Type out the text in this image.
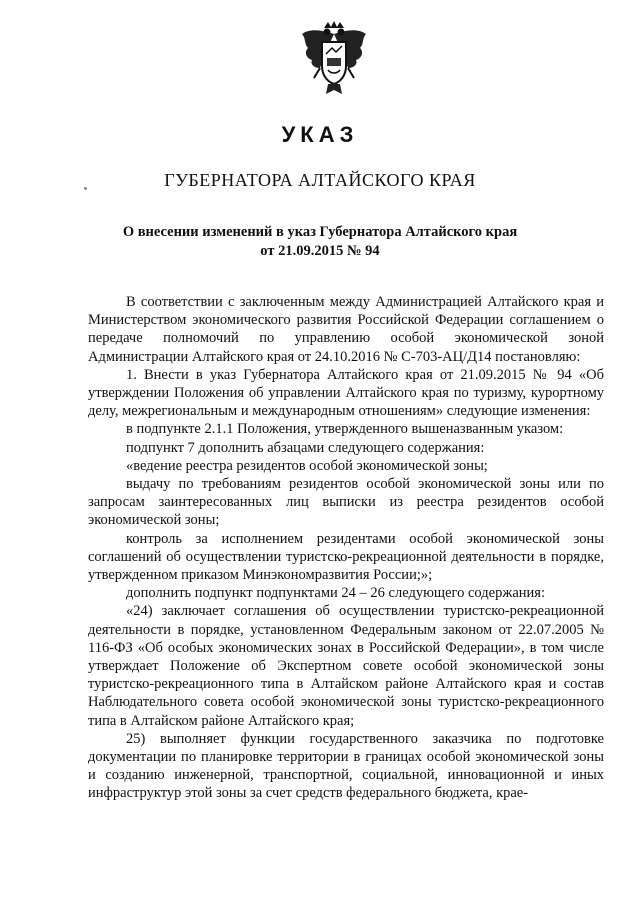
УКАЗ
ГУБЕРНАТОРА АЛТАЙСКОГО КРАЯ
О внесении изменений в указ Губернатора Алтайского края
от 21.09.2015 № 94

В соответствии с заключенным между Администрацией Алтайского края и Министерством экономического развития Российской Федерации соглашением о передаче полномочий по управлению особой экономической зоной Администрации Алтайского края от 24.10.2016 № С-703-АЦ/Д14 постановляю:

1. Внести в указ Губернатора Алтайского края от 21.09.2015 № 94 «Об утверждении Положения об управлении Алтайского края по туризму, курортному делу, межрегиональным и международным отношениям» следующие изменения:

в подпункте 2.1.1 Положения, утвержденного вышеназванным указом:

подпункт 7 дополнить абзацами следующего содержания:

«ведение реестра резидентов особой экономической зоны;

выдачу по требованиям резидентов особой экономической зоны или по запросам заинтересованных лиц выписки из реестра резидентов особой экономической зоны;

контроль за исполнением резидентами особой экономической зоны соглашений об осуществлении туристско-рекреационной деятельности в порядке, утвержденном приказом Минэкономразвития России;»;

дополнить подпункт подпунктами 24 – 26 следующего содержания:

«24) заключает соглашения об осуществлении туристско-рекреационной деятельности в порядке, установленном Федеральным законом от 22.07.2005 № 116-ФЗ «Об особых экономических зонах в Российской Федерации», в том числе утверждает Положение об Экспертном совете особой экономической зоны туристско-рекреационного типа в Алтайском районе Алтайского края и состав Наблюдательного совета особой экономической зоны туристско-рекреационного типа в Алтайском районе Алтайского края;

25) выполняет функции государственного заказчика по подготовке документации по планировке территории в границах особой экономической зоны и созданию инженерной, транспортной, социальной, инновационной и иных инфраструктур этой зоны за счет средств федерального бюджета, крае-
